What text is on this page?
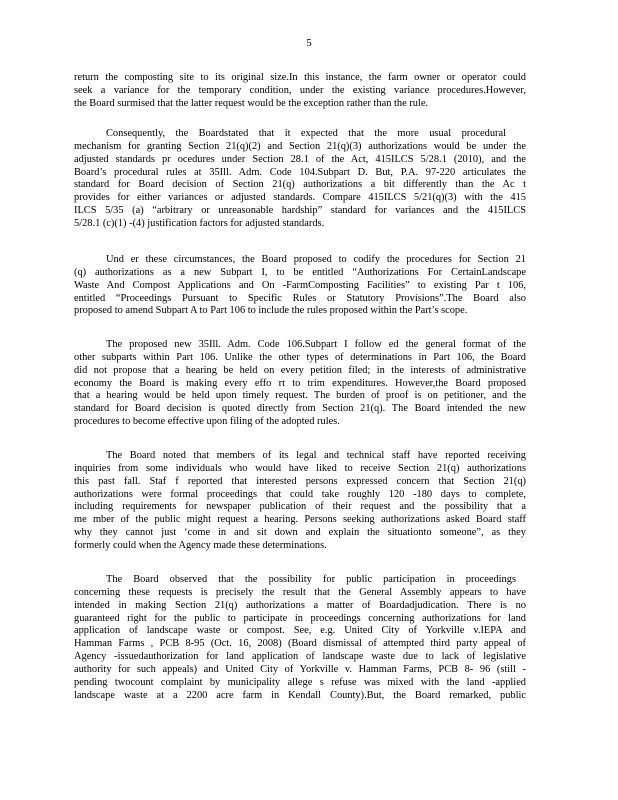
5
return the composting site to its original size.In this instance, the farm owner or operator could
seek a variance for the temporary condition, under the existing variance procedures.However,
the Board surmised that the latter request would be the exception rather than the rule.
Consequently, the Boardstated that it expected that the more usual procedural
mechanism for granting Section 21(q)(2) and Section 21(q)(3) authorizations would be under the
adjusted standards pr ocedures under Section 28.1 of the Act, 415ILCS 5/28.1 (2010), and the
Board’s procedural rules at 35Ill. Adm. Code 104.Subpart D. But, P.A. 97-220 articulates the
standard for Board decision of Section 21(q) authorizations a bit differently than the Ac t
provides for either variances or adjusted standards. Compare 415ILCS 5/21(q)(3) with the 415
ILCS 5/35 (a) “arbitrary or unreasonable hardship” standard for variances and the 415ILCS
5/28.1 (c)(1) -(4) justification factors for adjusted standards.
Und er these circumstances, the Board proposed to codify the procedures for Section 21
(q) authorizations as a new Subpart I, to be entitled “Authorizations For CertainLandscape
Waste And Compost Applications and On -FarmComposting Facilities” to existing Par t 106,
entitled “Proceedings Pursuant to Specific Rules or Statutory Provisions”.The Board also
proposed to amend Subpart A to Part 106 to include the rules proposed within the Part’s scope.
The proposed new 35Ill. Adm. Code 106.Subpart I follow ed the general format of the
other subparts within Part 106. Unlike the other types of determinations in Part 106, the Board
did not propose that a hearing be held on every petition filed; in the interests of administrative
economy the Board is making every effo rt to trim expenditures. However,the Board proposed
that a hearing would be held upon timely request. The burden of proof is on petitioner, and the
standard for Board decision is quoted directly from Section 21(q). The Board intended the new
procedures to become effective upon filing of the adopted rules.
The Board noted that members of its legal and technical staff have reported receiving
inquiries from some individuals who would have liked to receive Section 21(q) authorizations
this past fall. Staf f reported that interested persons expressed concern that Section 21(q)
authorizations were formal proceedings that could take roughly 120 -180 days to complete,
including requirements for newspaper publication of their request and the possibility that a
me mber of the public might request a hearing. Persons seeking authorizations asked Board staff
why they cannot just ‘come in and sit down and explain the situationto someone”, as they
formerly could when the Agency made these determinations.
The Board observed that the possibility for public participation in proceedings
concerning these requests is precisely the result that the General Assembly appears to have
intended in making Section 21(q) authorizations a matter of Boardadjudication. There is no
guaranteed right for the public to participate in proceedings concerning authorizations for land
application of landscape waste or compost. See, e.g. United City of Yorkville v.IEPA and
Hamman Farms , PCB 8-95 (Oct. 16, 2008) (Board dismissal of attempted third party appeal of
Agency -issuedauthorization for land application of landscape waste due to lack of legislative
authority for such appeals) and United City of Yorkville v. Hamman Farms, PCB 8- 96 (still -
pending twocount complaint by municipality allege s refuse was mixed with the land -applied
landscape waste at a 2200 acre farm in Kendall County).But, the Board remarked, public
